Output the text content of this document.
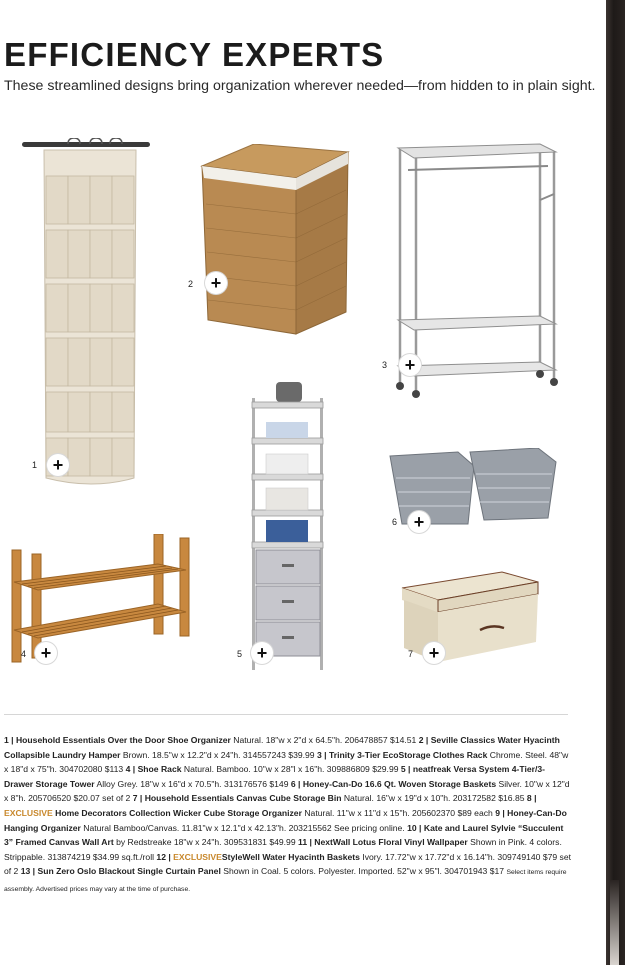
EFFICIENCY EXPERTS

These streamlined designs bring organization wherever needed—from hidden to in plain sight.

1 +
2 +
3 +
4 +	5 +
6 +
7 +
1 | Household Essentials Over the Door Shoe Organizer Natural. 18"w x 2"d x 64.5"h. 206478857 $14.51 2 | Seville Classics Water Hyacinth Collapsible Laundry Hamper Brown. 18.5"w x 12.2"d x 24"h. 314557243 $39.99 3 | Trinity 3-Tier EcoStorage Clothes Rack Chrome. Steel. 48"w x 18"d x 75"h. 304702080 $113 4 | Shoe Rack Natural. Bamboo. 10"w x 28"l x 16"h. 309886809 $29.99 5 | neatfreak Versa System 4-Tier/3-Drawer Storage Tower Alloy Grey. 18"w x 16"d x 70.5"h. 313176576 $149 6 | Honey-Can-Do 16.6 Qt. Woven Storage Baskets Silver. 10"w x 12"d x 8"h. 205706520 $20.07 set of 2 7 | Household Essentials Canvas Cube Storage Bin Natural. 16"w x 19"d x 10"h. 203172582 $16.85 8 | EXCLUSIVE Home Decorators Collection Wicker Cube Storage Organizer Natural. 11"w x 11"d x 15"h. 205602370 $89 each 9 | Honey-Can-Do Hanging Organizer Natural Bamboo/Canvas. 11.81"w x 12.1"d x 42.13"h. 203215562 See pricing online. 10 | Kate and Laurel Sylvie “Succulent 3” Framed Canvas Wall Art by Redstreake 18"w x 24"h. 309531831 $49.99 11 | NextWall Lotus Floral Vinyl Wallpaper Shown in Pink. 4 colors. Strippable. 313874219 $34.99 sq.ft./roll 12 | EXCLUSIVEStyleWell Water Hyacinth Baskets Ivory. 17.72"w x 17.72"d x 16.14"h. 309749140 $79 set of 2 13 | Sun Zero Oslo Blackout Single Curtain Panel Shown in Coal. 5 colors. Polyester. Imported. 52"w x 95"l. 304701943 $17 Select items require assembly. Advertised prices may vary at the time of purchase.
